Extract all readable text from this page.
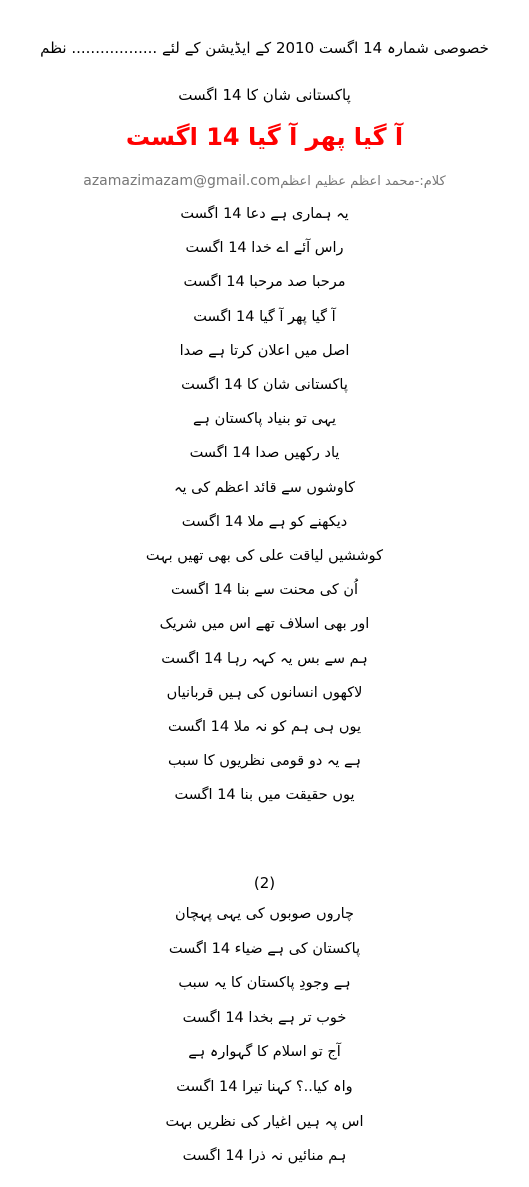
خصوصی شمارہ 14 اگست 2010 کے ایڈیشن کے لئے .................. نظم
پاکستانی شان کا 14 اگست
آ گیا پھر آ گیا 14 اگست
azamazimazam@gmail.comکلام:-محمد اعظم عظیم اعظم
یہ ہماری ہے دعا 14 اگست
راس آئے اے خدا 14 اگست
مرحبا صد مرحبا 14 اگست
آ گیا پھر آ گیا 14 اگست
اصل میں اعلان کرتا ہے صدا
پاکستانی شان کا 14 اگست
یہی تو بنیاد پاکستان ہے
یاد رکھیں صدا 14 اگست
کاوشوں سے قائد اعظم کی یہ
دیکھنے کو ہے ملا 14 اگست
کوششیں لیاقت علی کی بھی تھیں بہت
اُن کی محنت سے بنا 14 اگست
اور بھی اسلاف تھے اس میں شریک
ہم سے بس یہ کہہ رہا 14 اگست
لاکھوں انسانوں کی ہیں قربانیاں
یوں ہی ہم کو نہ ملا 14 اگست
ہے یہ دو قومی نظریوں کا سبب
یوں حقیقت میں بنا 14 اگست
(2)
چاروں صوبوں کی یہی پہچان
پاکستان کی ہے ضیاء 14 اگست
ہے وجودِ پاکستان کا یہ سبب
خوب تر ہے بخدا 14 اگست
آج تو اسلام کا گہوارہ ہے
واہ کیا..؟ کہنا تیرا 14 اگست
اس پہ ہیں اغیار کی نظریں بہت
ہم منائیں نہ ذرا 14 اگست
